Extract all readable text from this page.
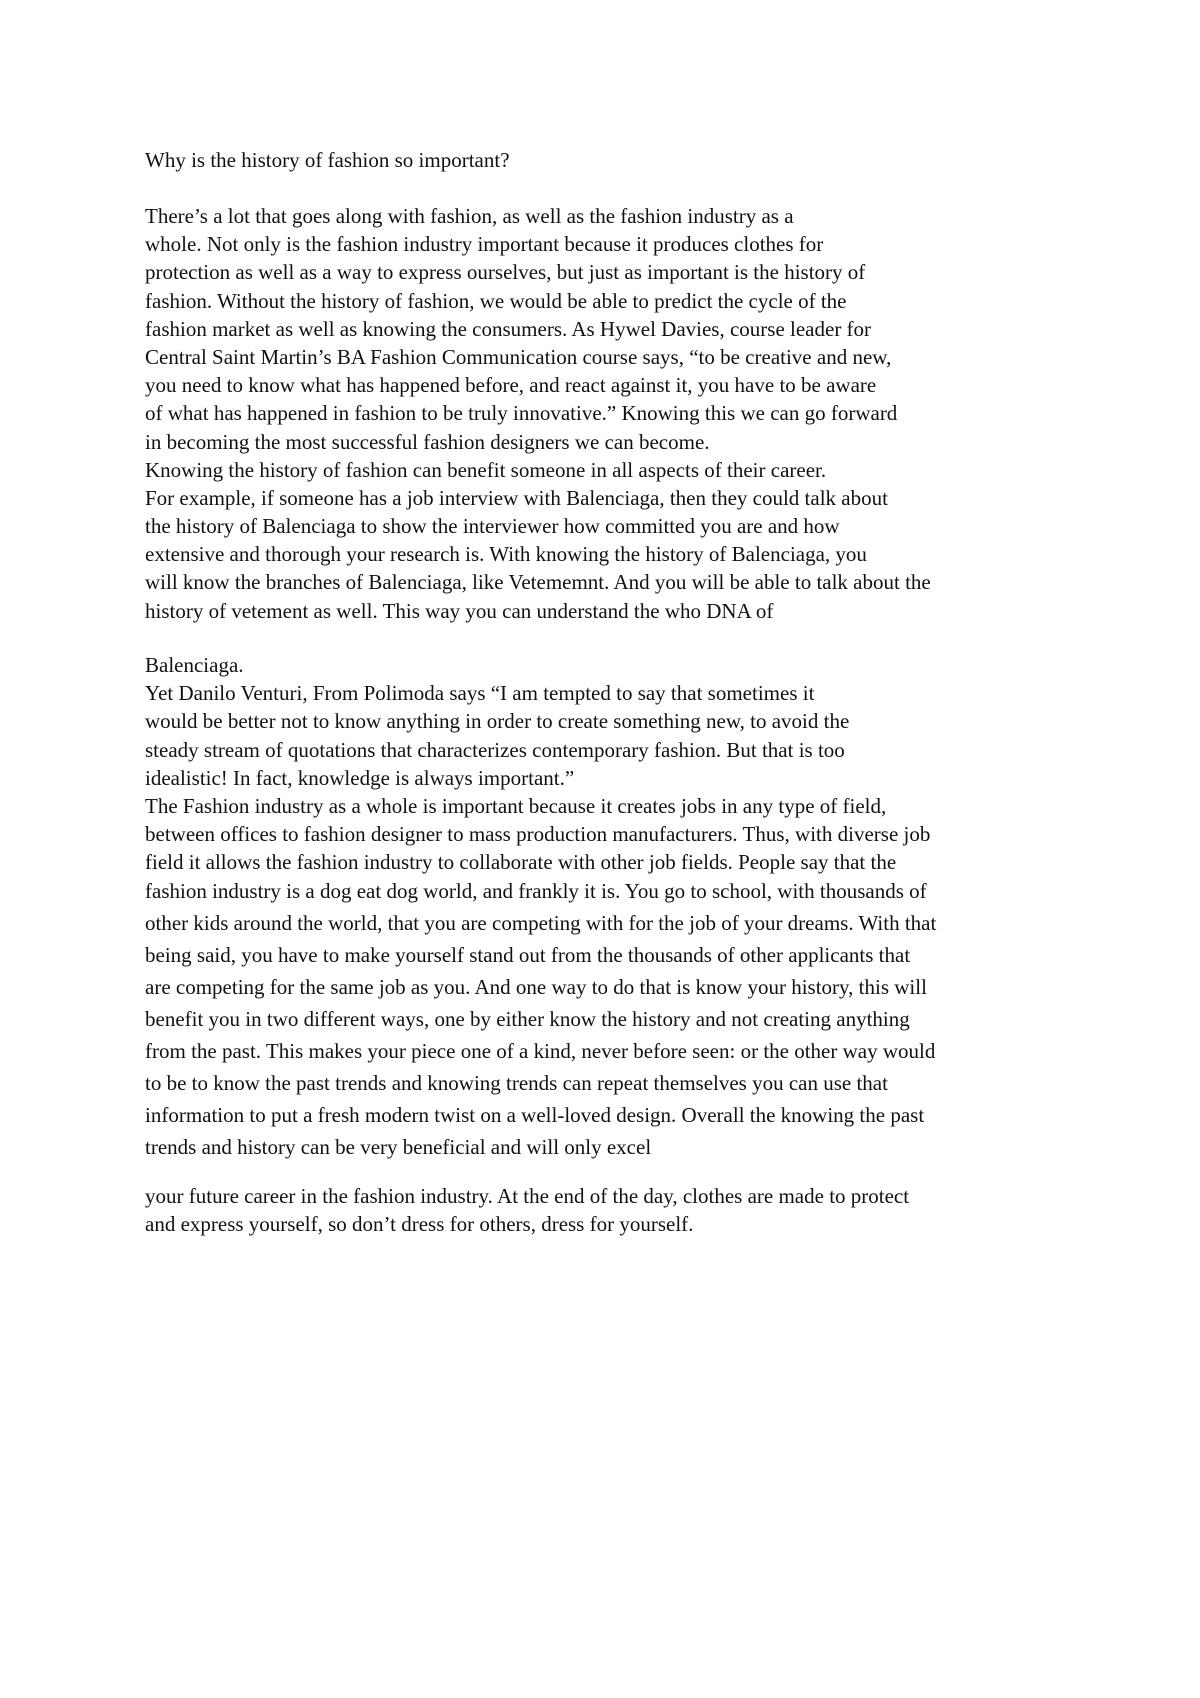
Why is the history of fashion so important?
There’s a lot that goes along with fashion, as well as the fashion industry as a
whole. Not only is the fashion industry important because it produces clothes for
protection as well as a way to express ourselves, but just as important is the history of
fashion. Without the history of fashion, we would be able to predict the cycle of the
fashion market as well as knowing the consumers. As Hywel Davies, course leader for
Central Saint Martin’s BA Fashion Communication course says, “to be creative and new,
you need to know what has happened before, and react against it, you have to be aware
of what has happened in fashion to be truly innovative.” Knowing this we can go forward
in becoming the most successful fashion designers we can become.
Knowing the history of fashion can benefit someone in all aspects of their career.
For example, if someone has a job interview with Balenciaga, then they could talk about
the history of Balenciaga to show the interviewer how committed you are and how
extensive and thorough your research is. With knowing the history of Balenciaga, you
will know the branches of Balenciaga, like Vetememnt. And you will be able to talk about the
history of vetement as well. This way you can understand the who DNA of
Balenciaga.
Yet Danilo Venturi, From Polimoda says “I am tempted to say that sometimes it
would be better not to know anything in order to create something new, to avoid the
steady stream of quotations that characterizes contemporary fashion. But that is too
idealistic! In fact, knowledge is always important.”
The Fashion industry as a whole is important because it creates jobs in any type of field,
between offices to fashion designer to mass production manufacturers. Thus, with diverse job
field it allows the fashion industry to collaborate with other job fields. People say that the
fashion industry is a dog eat dog world, and frankly it is. You go to school, with thousands of
other kids around the world, that you are competing with for the job of your dreams. With that
being said, you have to make yourself stand out from the thousands of other applicants that
are competing for the same job as you. And one way to do that is know your history, this will
benefit you in two different ways, one by either know the history and not creating anything
from the past. This makes your piece one of a kind, never before seen: or the other way would
to be to know the past trends and knowing trends can repeat themselves you can use that
information to put a fresh modern twist on a well-loved design. Overall the knowing the past
trends and history can be very beneficial and will only excel
your future career in the fashion industry. At the end of the day, clothes are made to protect
and express yourself, so don’t dress for others, dress for yourself.
